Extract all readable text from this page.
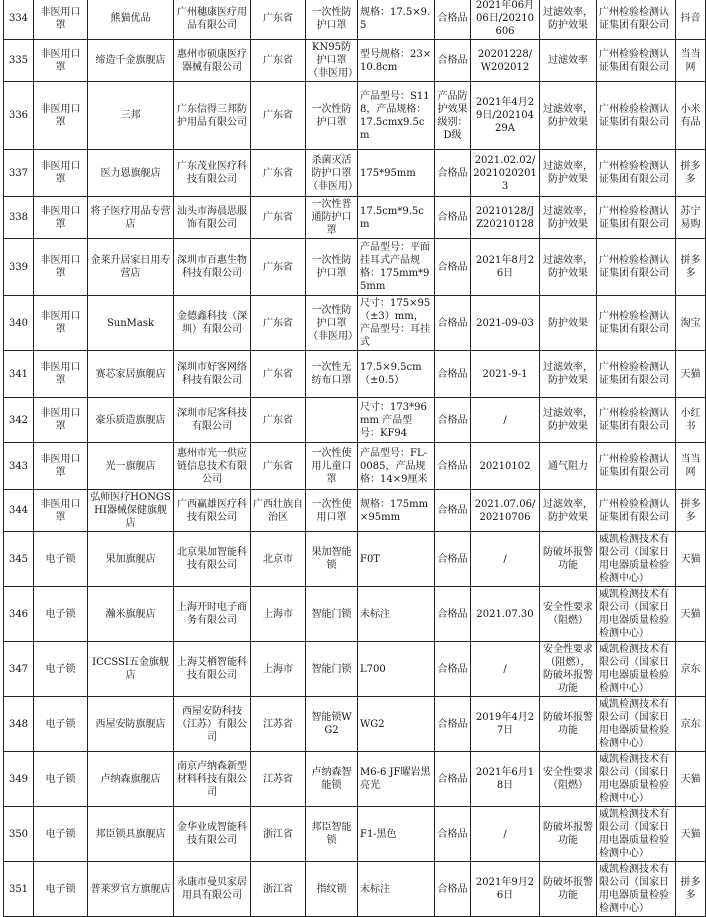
334	非医用口罩	熊猫优品	广州穗康医疗用品有限公司	广东省	一次性防护口罩	规格：17.5×9.5	合格品	2021年06月06日/20210606	过滤效率，防护效果	广州检验检测认证集团有限公司	抖音
335	非医用口罩	缔造千金旗舰店	惠州市硕康医疗器械有限公司	广东省	KN95防护口罩（非医用）	型号规格：23×10.8cm	合格品	20201228/W202012	过滤效率	广州检验检测认证集团有限公司	当当网
336	非医用口罩	三邦	广东信得三邦防护用品有限公司	广东省	一次性防护口罩	产品型号：S118，产品规格：17.5cmx9.5cm	产品防护效果级别：D级	2021年4月29日/20210429A	过滤效率，防护效果	广州检验检测认证集团有限公司	小米有品
337	非医用口罩	医力恩旗舰店	广东茂业医疗科技有限公司	广东省	杀菌灭活防护口罩（非医用）	175*95mm	合格品	2021.02.02/20210202013	过滤效率，防护效果	广州检验检测认证集团有限公司	拼多多
338	非医用口罩	将子医疗用品专营店	汕头市海晨思服饰有限公司	广东省	一次性普通防护口罩	17.5cm*9.5cm	合格品	20210128/JZ20210128	过滤效率，防护效果	广州检验检测认证集团有限公司	苏宁易购
339	非医用口罩	金莱升居家日用专营店	深圳市百惠生物科技有限公司	广东省	一次性防护口罩	产品型号：平面挂耳式产品规格：175mm*95mm	合格品	2021年8月26日	过滤效率，防护效果	广州检验检测认证集团有限公司	拼多多
340	非医用口罩	SunMask	金德鑫科技（深圳）有限公司	广东省	一次性防护口罩（非医用）	尺寸：175×95（±3）mm，产品型号：耳挂式	合格品	2021-09-03	防护效果	广州检验检测认证集团有限公司	淘宝
341	非医用口罩	赛芯家居旗舰店	深圳市好客网络科技有限公司	广东省	一次性无纺布口罩	17.5×9.5cm（±0.5）	合格品	2021-9-1	过滤效率，防护效果	广州检验检测认证集团有限公司	天猫
342	非医用口罩	豪乐质造旗舰店	深圳市尼客科技有限公司	广东省		尺寸：173*96mm 产品型号：KF94	合格品	/	过滤效率，防护效果	广州检验检测认证集团有限公司	小红书
343	非医用口罩	光一旗舰店	惠州市光一供应链信息技术有限公司	广东省	一次性使用儿童口罩	产品型号：FL-0085，产品规格：14×9厘米	合格品	20210102	通气阻力	广州检验检测认证集团有限公司	当当网
344	非医用口罩	弘师医疗HONGSHI器械保健旗舰店	广西赢雄医疗科技有限公司	广西壮族自治区	一次性使用口罩	规格：175mm×95mm	合格品	2021.07.06/20210706	过滤效率，防护效果	广州检验检测认证集团有限公司	拼多多
345	电子锁	果加旗舰店	北京果加智能科技有限公司	北京市	果加智能锁	F0T	合格品	/	防破坏报警功能	威凯检测技术有限公司（国家日用电器质量检验检测中心）	天猫
346	电子锁	瀚米旗舰店	上海开时电子商务有限公司	上海市	智能门锁	未标注	合格品	2021.07.30	安全性要求（阻燃）	威凯检测技术有限公司（国家日用电器质量检验检测中心）	天猫
347	电子锁	ICCSSI五金旗舰店	上海艾栖智能科技有限公司	上海市	智能门锁	L700	合格品	/	安全性要求（阻燃），防破坏报警功能	威凯检测技术有限公司（国家日用电器质量检验检测中心）	京东
348	电子锁	西屋安防旗舰店	西屋安防科技（江苏）有限公司	江苏省	智能锁WG2	WG2	合格品	2019年4月27日	防破坏报警功能	威凯检测技术有限公司（国家日用电器质量检验检测中心）	京东
349	电子锁	卢纳森旗舰店	南京卢纳森新型材料科技有限公司	江苏省	卢纳森智能锁	M6-6 JF曜岩黑亮光	合格品	2021年6月18日	安全性要求（阻燃）	威凯检测技术有限公司（国家日用电器质量检验检测中心）	天猫
350	电子锁	邦臣锁具旗舰店	金华业成智能科技有限公司	浙江省	邦臣智能锁	F1-黑色	合格品	/	防破坏报警功能	威凯检测技术有限公司（国家日用电器质量检验检测中心）	天猫
351	电子锁	普莱罗官方旗舰店	永康市曼贝家居用具有限公司	浙江省	指纹锁	未标注	合格品	2021年9月26日	防破坏报警功能	威凯检测技术有限公司（国家日用电器质量检验检测中心）	拼多多
